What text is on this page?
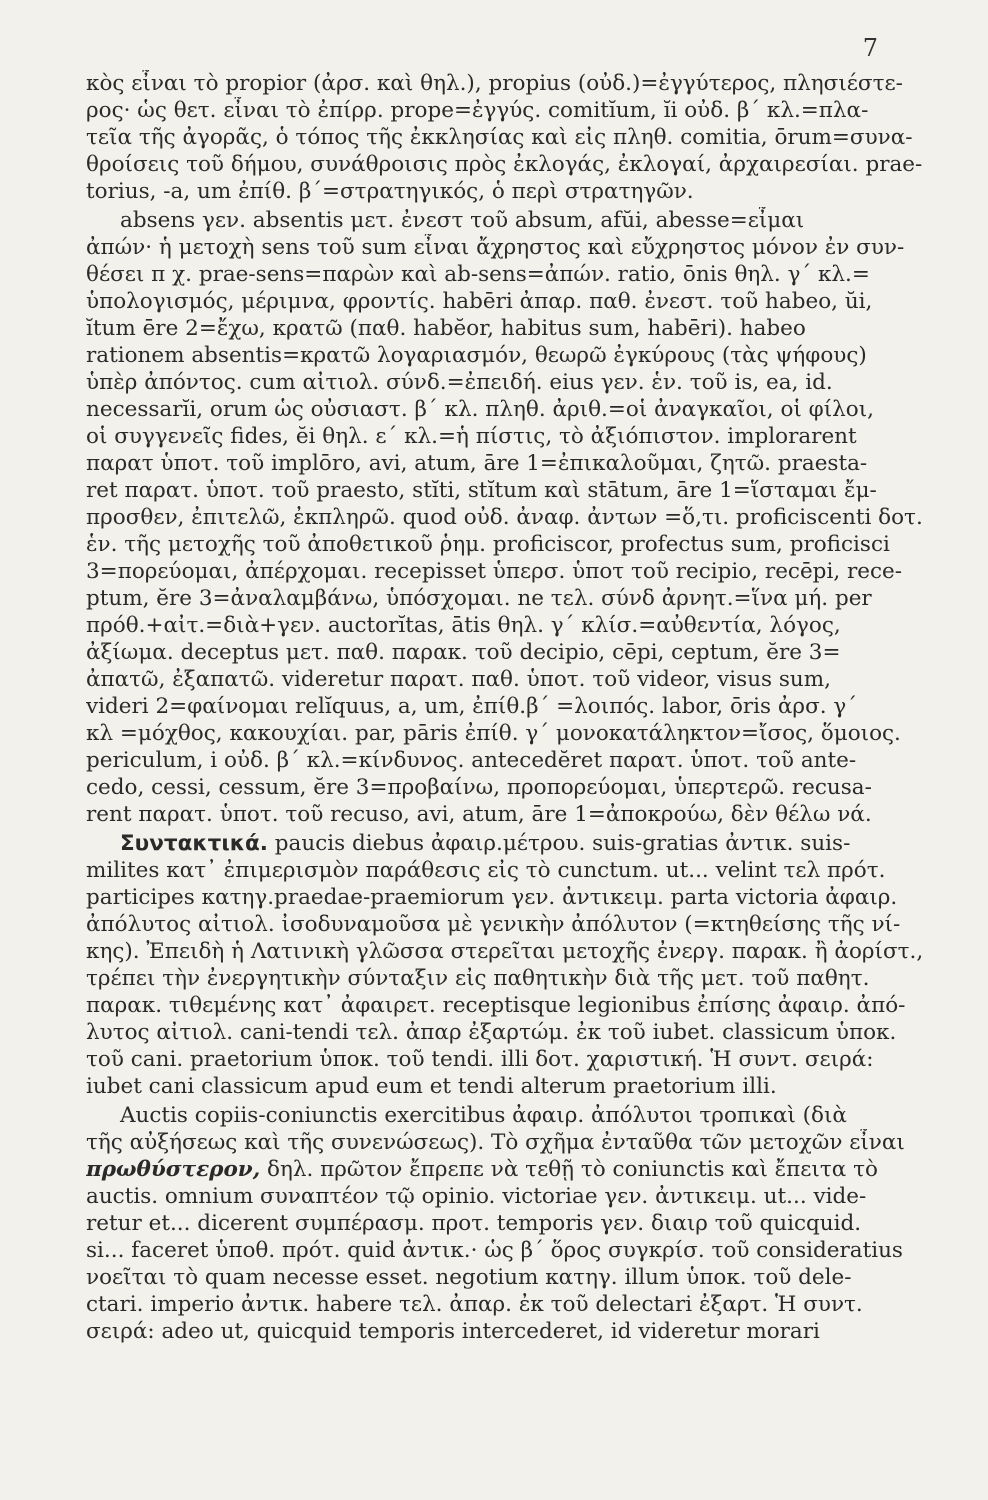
7
κὸς εἶναι τὸ propior (ἀρσ. καὶ θηλ.), propius (οὐδ.)=ἐγγύτερος, πλησιέστε-
ρος· ὡς θετ. εἶναι τὸ ἐπίρρ. prope=ἐγγύς. comitĭum, ĭi οὐδ. β΄ κλ.=πλα-
τεῖα τῆς ἀγορᾶς, ὁ τόπος τῆς ἐκκλησίας καὶ εἰς πληθ. comitia, ōrum=συνα-
θροίσεις τοῦ δήμου, συνάθροισις πρὸς ἐκλογάς, ἐκλογαί, ἀρχαιρεσίαι. prae-
torius, -a, um ἐπίθ. β΄=στρατηγικός, ὁ περὶ στρατηγῶν.
absens γεν. absentis μετ. ἐνεστ τοῦ absum, afŭi, abesse=εἶμαι
ἀπών· ἡ μετοχὴ sens τοῦ sum εἶναι ἄχρηστος καὶ εὔχρηστος μόνον ἐν συν-
θέσει π χ. prae-sens=παρὼν καὶ ab-sens=ἀπών. ratio, ōnis θηλ. γ΄ κλ.=
ὑπολογισμός, μέριμνα, φροντίς. habēri ἀπαρ. παθ. ἐνεστ. τοῦ habeo, ŭi,
ĭtum ēre 2=ἔχω, κρατῶ (παθ. habĕor, habitus sum, habēri). habeo
rationem absentis=κρατῶ λογαριασμόν, θεωρῶ ἐγκύρους (τὰς ψήφους)
ὑπὲρ ἀπόντος. cum αἰτιολ. σύνδ.=ἐπειδή. eius γεν. ἑν. τοῦ is, ea, id.
necessarĭi, orum ὡς οὐσιαστ. β΄ κλ. πληθ. ἀριθ.=οἱ ἀναγκαῖοι, οἱ φίλοι,
οἱ συγγενεῖς fides, ĕi θηλ. ε΄ κλ.=ἡ πίστις, τὸ ἀξιόπιστον. implorarent
παρατ ὑποτ. τοῦ implōro, avi, atum, āre 1=ἐπικαλοῦμαι, ζητῶ. praesta-
ret παρατ. ὑποτ. τοῦ praesto, stĭti, stĭtum καὶ stātum, āre 1=ἵσταμαι ἔμ-
προσθεν, ἐπιτελῶ, ἐκπληρῶ. quod οὐδ. ἀναφ. ἀντων =ὅ,τι. proficiscenti δοτ.
ἑν. τῆς μετοχῆς τοῦ ἀποθετικοῦ ῥημ. proficiscor, profectus sum, proficisci
3=πορεύομαι, ἀπέρχομαι. recepisset ὑπερσ. ὑποτ τοῦ recipio, recēpi, rece-
ptum, ĕre 3=ἀναλαμβάνω, ὑπόσχομαι. ne τελ. σύνδ ἀρνητ.=ἵνα μή. per
πρόθ.+αἰτ.=διὰ+γεν. auctorĭtas, ātis θηλ. γ΄ κλίσ.=αὐθεντία, λόγος,
ἀξίωμα. deceptus μετ. παθ. παρακ. τοῦ decipio, cēpi, ceptum, ĕre 3=
ἀπατῶ, ἐξαπατῶ. videretur παρατ. παθ. ὑποτ. τοῦ videor, visus sum,
videri 2=φαίνομαι relĭquus, a, um, ἐπίθ.β΄ =λοιπός. labor, ōris ἀρσ. γ΄
κλ =μόχθος, κακουχίαι. par, pāris ἐπίθ. γ΄ μονοκατάληκτον=ἴσος, ὅμοιος.
periculum, i οὐδ. β΄ κλ.=κίνδυνος. antecedĕret παρατ. ὑποτ. τοῦ ante-
cedo, cessi, cessum, ĕre 3=προβαίνω, προπορεύομαι, ὑπερτερῶ. recusa-
rent παρατ. ὑποτ. τοῦ recuso, avi, atum, āre 1=ἀποκρούω, δὲν θέλω νά.
Συντακτικά. paucis diebus ἀφαιρ.μέτρου. suis-gratias ἀντικ. suis-
milites κατ᾽ ἐπιμερισμὸν παράθεσις εἰς τὸ cunctum. ut... velint τελ πρότ.
participes κατηγ.praedae-praemiorum γεν. ἀντικειμ. parta victoria ἀφαιρ.
ἀπόλυτος αἰτιολ. ἰσοδυναμοῦσα μὲ γενικὴν ἀπόλυτον (=κτηθείσης τῆς νί-
κης). Ἐπειδὴ ἡ Λατινικὴ γλῶσσα στερεῖται μετοχῆς ἐνεργ. παρακ. ἢ ἀορίστ.,
τρέπει τὴν ἐνεργητικὴν σύνταξιν εἰς παθητικὴν διὰ τῆς μετ. τοῦ παθητ.
παρακ. τιθεμένης κατ᾽ ἀφαιρετ. receptisque legionibus ἐπίσης ἀφαιρ. ἀπό-
λυτος αἰτιολ. cani-tendi τελ. ἀπαρ ἐξαρτώμ. ἐκ τοῦ iubet. classicum ὑποκ.
τοῦ cani. praetorium ὑποκ. τοῦ tendi. illi δοτ. χαριστική. Ἡ συντ. σειρά:
iubet cani classicum apud eum et tendi alterum praetorium illi.
Auctis copiis-coniunctis exercitibus ἀφαιρ. ἀπόλυτοι τροπικαὶ (διὰ
τῆς αὐξήσεως καὶ τῆς συνενώσεως). Τὸ σχῆμα ἐνταῦθα τῶν μετοχῶν εἶναι
πρωθύστερον, δηλ. πρῶτον ἔπρεπε νὰ τεθῇ τὸ coniunctis καὶ ἔπειτα τὸ
auctis. omnium συναπτέον τῷ opinio. victoriae γεν. ἀντικειμ. ut... vide-
retur et... dicerent συμπέρασμ. προτ. temporis γεν. διαιρ τοῦ quicquid.
si... faceret ὑποθ. πρότ. quid ἀντικ.· ὡς β΄ ὅρος συγκρίσ. τοῦ consideratius
νοεῖται τὸ quam necesse esset. negotium κατηγ. illum ὑποκ. τοῦ dele-
ctari. imperio ἀντικ. habere τελ. ἀπαρ. ἐκ τοῦ delectari ἐξαρτ. Ἡ συντ.
σειρά: adeo ut, quicquid temporis intercederet, id videretur morari
